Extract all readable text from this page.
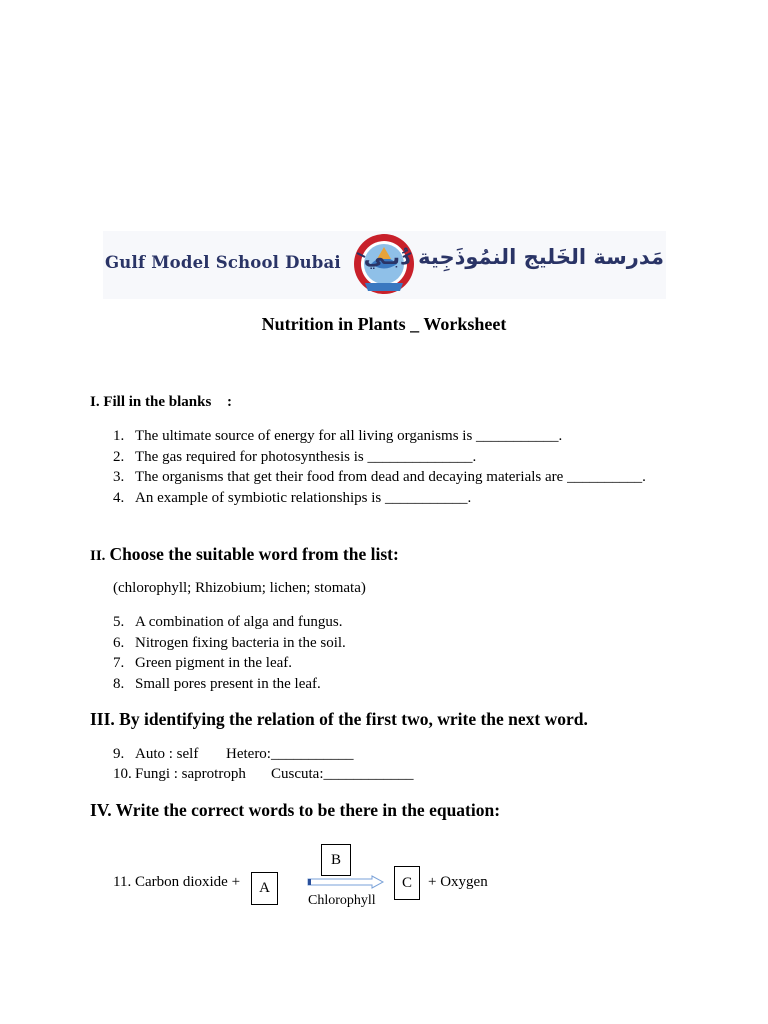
Gulf Model School Dubai مَدرسة الخَليج النمُوذَجِية دُبـي
Nutrition in Plants _ Worksheet
I. Fill in the blanks :
1. The ultimate source of energy for all living organisms is ___________.
2. The gas required for photosynthesis is ______________.
3. The organisms that get their food from dead and decaying materials are __________.
4. An example of symbiotic relationships is ___________.
II. Choose the suitable word from the list:
(chlorophyll; Rhizobium; lichen; stomata)
5. A combination of alga and fungus.
6. Nitrogen fixing bacteria in the soil.
7. Green pigment in the leaf.
8. Small pores present in the leaf.
III. By identifying the relation of the first two, write the next word.
9. Auto : self Hetero:___________
10. Fungi : saprotroph Cuscuta:____________
IV. Write the correct words to be there in the equation:
11. Carbon dioxide +	A
B
Chlorophyll
C	+ Oxygen
